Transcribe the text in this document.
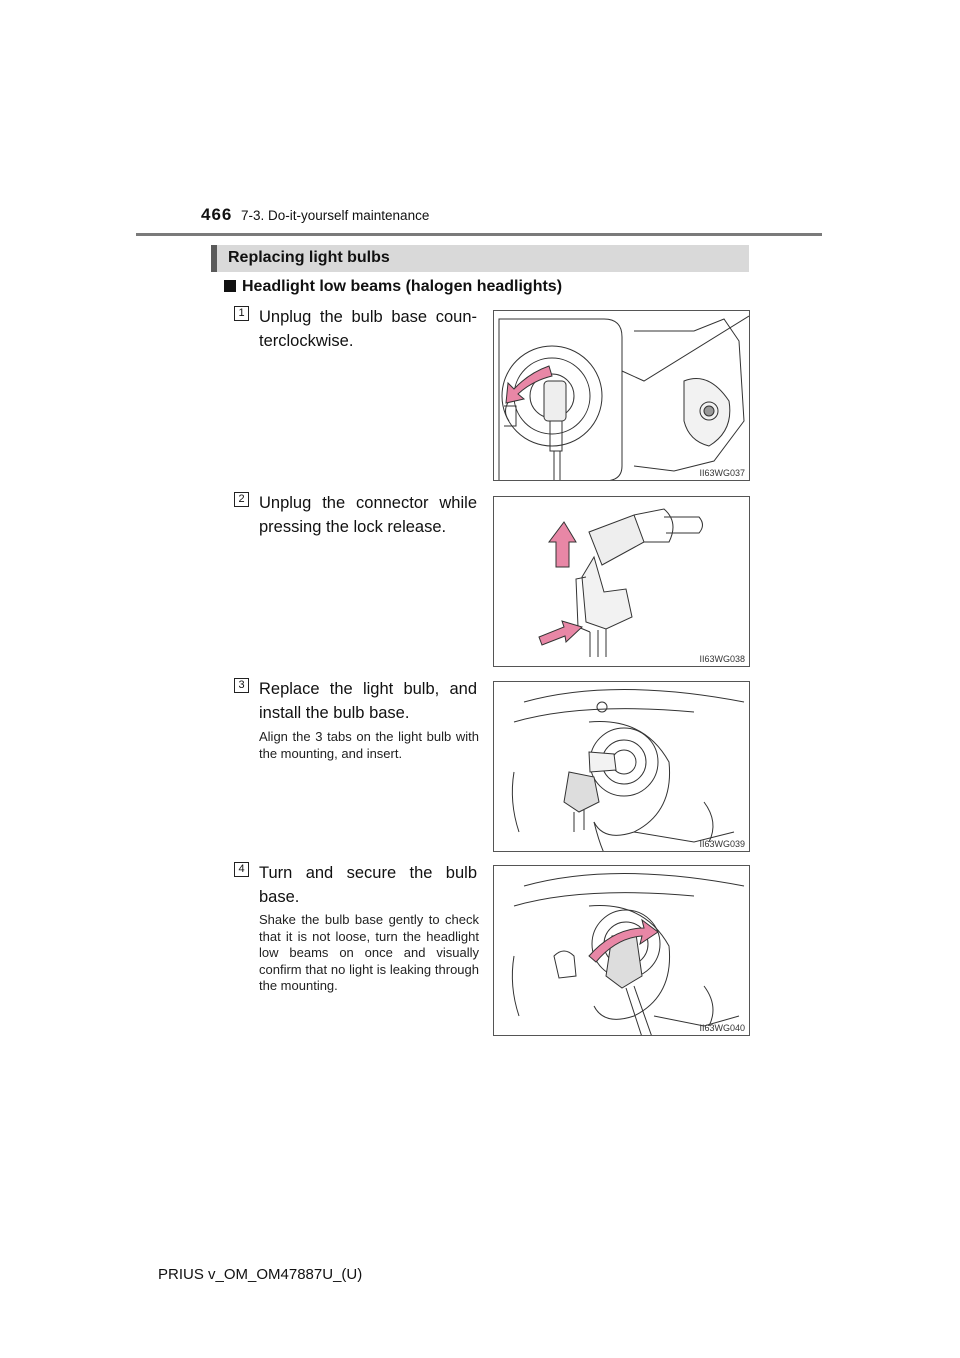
466 7-3. Do-it-yourself maintenance
Replacing light bulbs
Headlight low beams (halogen headlights)
1 Unplug the bulb base coun-terclockwise.
II63WG037
2 Unplug the connector while pressing the lock release.
II63WG038
3 Replace the light bulb, and install the bulb base.
Align the 3 tabs on the light bulb with the mounting, and insert.
II63WG039
4 Turn and secure the bulb base.
Shake the bulb base gently to check that it is not loose, turn the headlight low beams on once and visually confirm that no light is leaking through the mounting.
II63WG040
PRIUS v_OM_OM47887U_(U)
